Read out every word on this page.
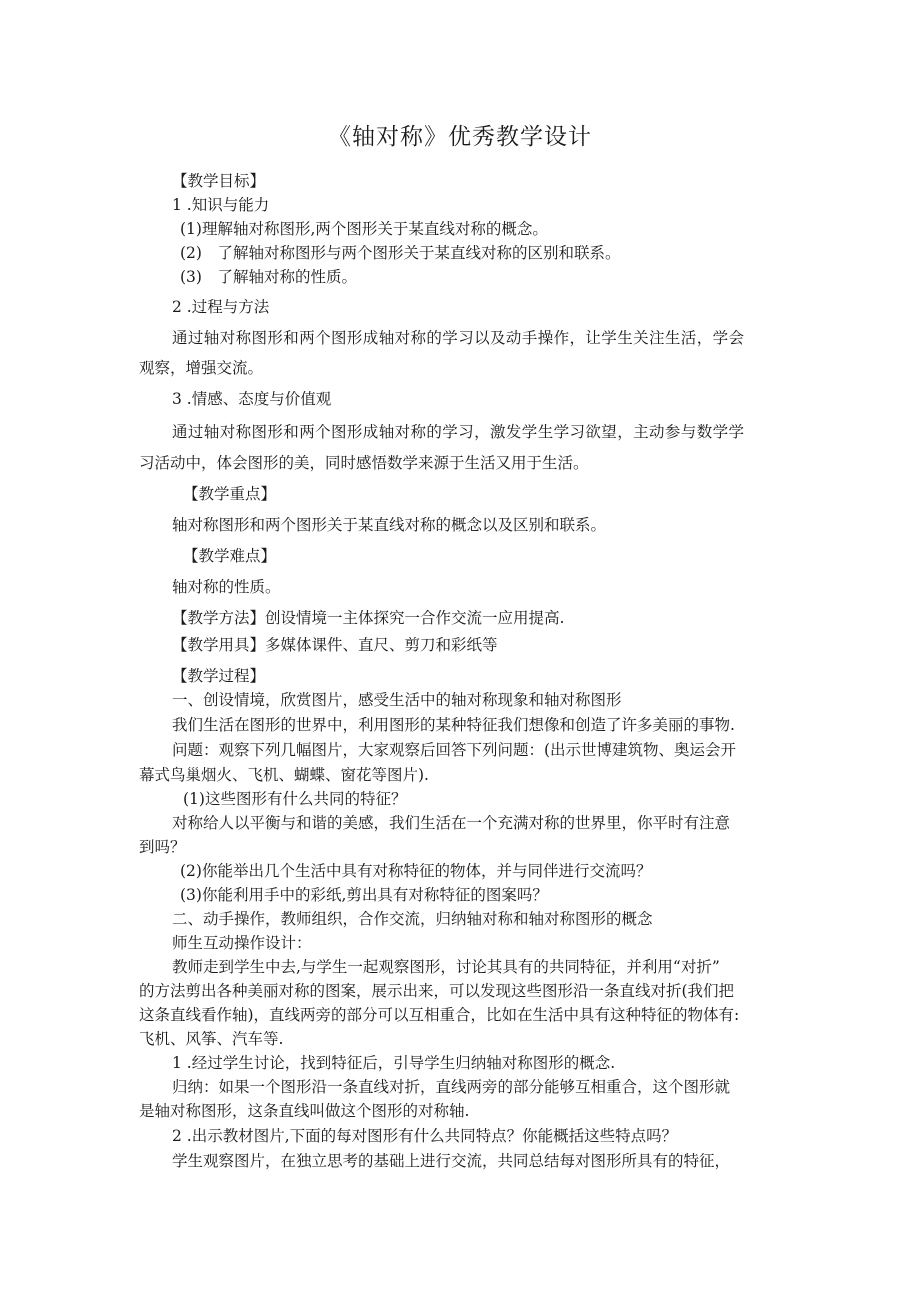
《轴对称》优秀教学设计
【教学目标】
1 .知识与能力
(1)理解轴对称图形,两个图形关于某直线对称的概念。
(2)　了解轴对称图形与两个图形关于某直线对称的区别和联系。
(3)　了解轴对称的性质。
2 .过程与方法
通过轴对称图形和两个图形成轴对称的学习以及动手操作，让学生关注生活，学会
观察，增强交流。
3 .情感、态度与价值观
通过轴对称图形和两个图形成轴对称的学习，激发学生学习欲望，主动参与数学学
习活动中，体会图形的美，同时感悟数学来源于生活又用于生活。
【教学重点】
轴对称图形和两个图形关于某直线对称的概念以及区别和联系。
【教学难点】
轴对称的性质。
【教学方法】创设情境一主体探究一合作交流一应用提高.
【教学用具】多媒体课件、直尺、剪刀和彩纸等
【教学过程】
一、创设情境，欣赏图片，感受生活中的轴对称现象和轴对称图形
我们生活在图形的世界中，利用图形的某种特征我们想像和创造了许多美丽的事物.
问题：观察下列几幅图片，大家观察后回答下列问题：(出示世博建筑物、奥运会开
幕式鸟巢烟火、飞机、蝴蝶、窗花等图片).
(1)这些图形有什么共同的特征？
对称给人以平衡与和谐的美感，我们生活在一个充满对称的世界里，你平时有注意
到吗？
(2)你能举出几个生活中具有对称特征的物体，并与同伴进行交流吗？
(3)你能利用手中的彩纸,剪出具有对称特征的图案吗？
二、动手操作，教师组织，合作交流，归纳轴对称和轴对称图形的概念
师生互动操作设计：
教师走到学生中去,与学生一起观察图形，讨论其具有的共同特征，并利用“对折”
的方法剪出各种美丽对称的图案，展示出来，可以发现这些图形沿一条直线对折(我们把
这条直线看作轴)，直线两旁的部分可以互相重合，比如在生活中具有这种特征的物体有:
飞机、风筝、汽车等.
1 .经过学生讨论，找到特征后，引导学生归纳轴对称图形的概念.
归纳：如果一个图形沿一条直线对折，直线两旁的部分能够互相重合，这个图形就
是轴对称图形，这条直线叫做这个图形的对称轴.
2 .出示教材图片,下面的每对图形有什么共同特点？你能概括这些特点吗？
学生观察图片，在独立思考的基础上进行交流，共同总结每对图形所具有的特征，
